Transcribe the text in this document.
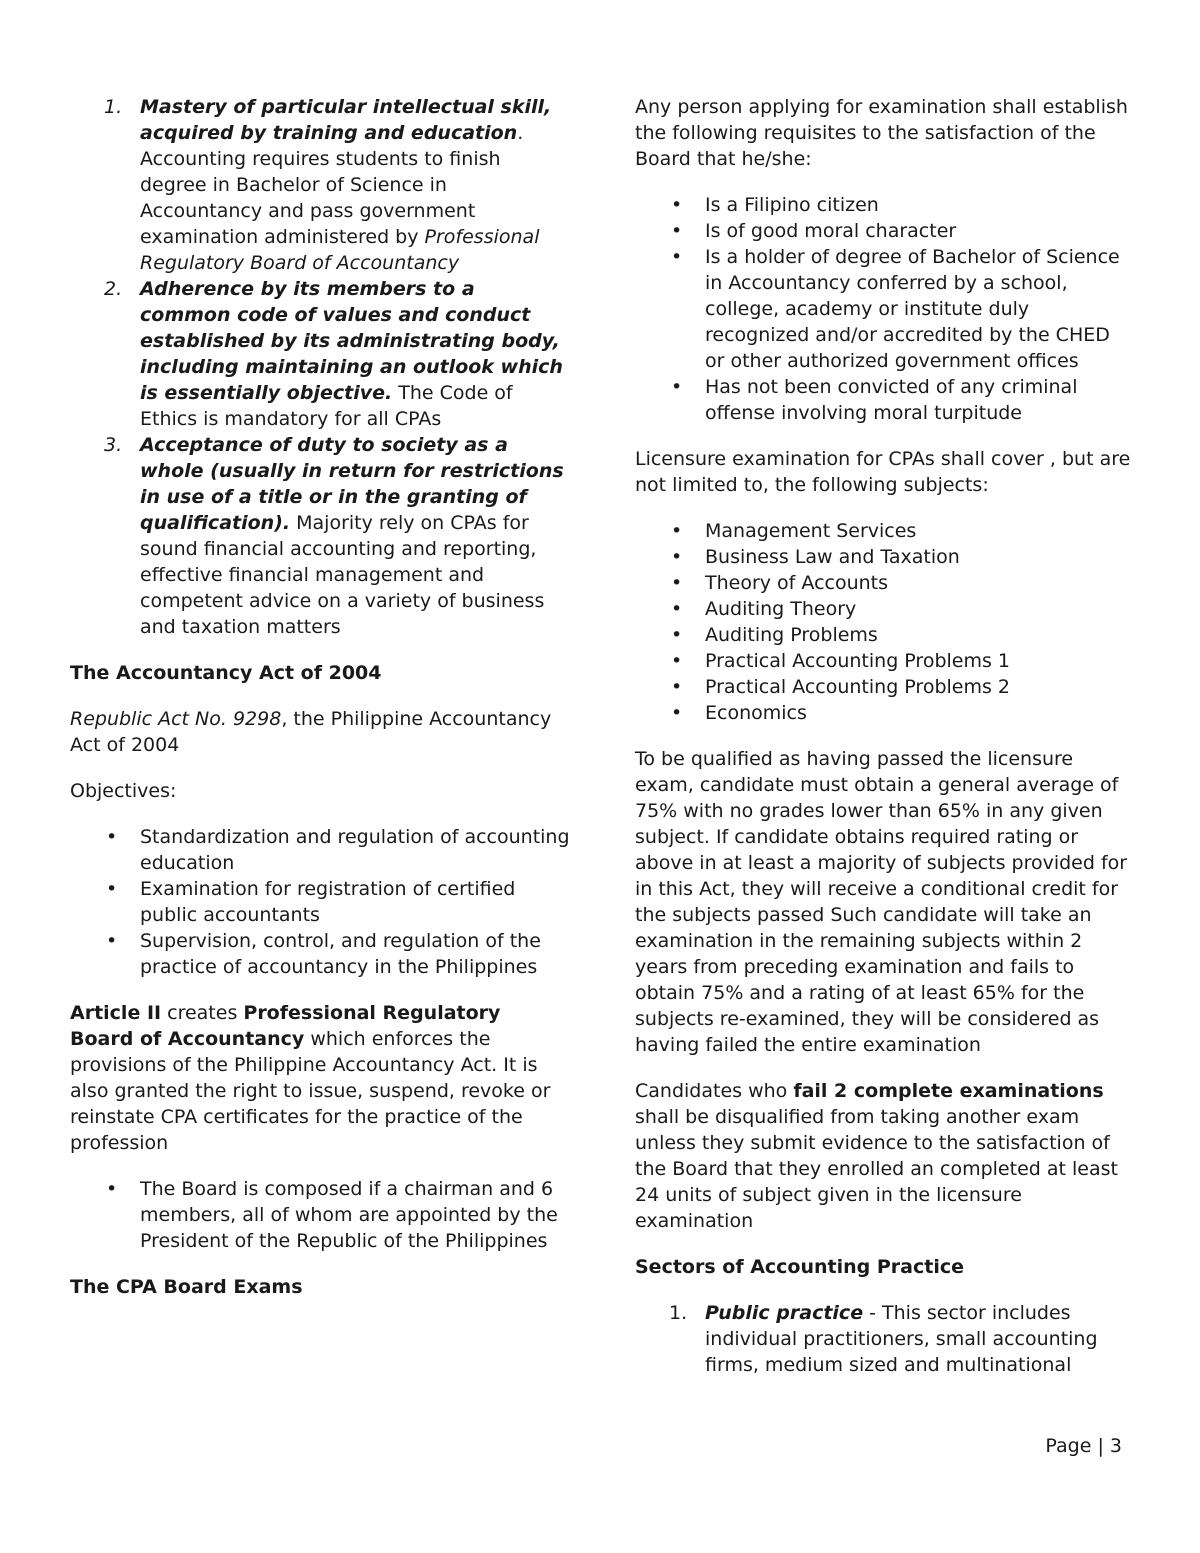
1. Mastery of particular intellectual skill, acquired by training and education. Accounting requires students to finish degree in Bachelor of Science in Accountancy and pass government examination administered by Professional Regulatory Board of Accountancy
2. Adherence by its members to a common code of values and conduct established by its administrating body, including maintaining an outlook which is essentially objective. The Code of Ethics is mandatory for all CPAs
3. Acceptance of duty to society as a whole (usually in return for restrictions in use of a title or in the granting of qualification). Majority rely on CPAs for sound financial accounting and reporting, effective financial management and competent advice on a variety of business and taxation matters
The Accountancy Act of 2004

Republic Act No. 9298, the Philippine Accountancy Act of 2004

Objectives:

• Standardization and regulation of accounting education
• Examination for registration of certified public accountants
• Supervision, control, and regulation of the practice of accountancy in the Philippines

Article II creates Professional Regulatory Board of Accountancy which enforces the provisions of the Philippine Accountancy Act. It is also granted the right to issue, suspend, revoke or reinstate CPA certificates for the practice of the profession

• The Board is composed if a chairman and 6 members, all of whom are appointed by the President of the Republic of the Philippines
The CPA Board Exams

Any person applying for examination shall establish the following requisites to the satisfaction of the Board that he/she:

• Is a Filipino citizen
• Is of good moral character
• Is a holder of degree of Bachelor of Science in Accountancy conferred by a school, college, academy or institute duly recognized and/or accredited by the CHED or other authorized government offices
• Has not been convicted of any criminal offense involving moral turpitude

Licensure examination for CPAs shall cover , but are not limited to, the following subjects:

• Management Services
• Business Law and Taxation
• Theory of Accounts
• Auditing Theory
• Auditing Problems
• Practical Accounting Problems 1
• Practical Accounting Problems 2
• Economics

To be qualified as having passed the licensure exam, candidate must obtain a general average of 75% with no grades lower than 65% in any given subject. If candidate obtains required rating or above in at least a majority of subjects provided for in this Act, they will receive a conditional credit for the subjects passed Such candidate will take an examination in the remaining subjects within 2 years from preceding examination and fails to obtain 75% and a rating of at least 65% for the subjects re-examined, they will be considered as having failed the entire examination

Candidates who fail 2 complete examinations shall be disqualified from taking another exam unless they submit evidence to the satisfaction of the Board that they enrolled an completed at least 24 units of subject given in the licensure examination

Sectors of Accounting Practice
1. Public practice - This sector includes individual practitioners, small accounting firms, medium sized and multinational
Page | 3
